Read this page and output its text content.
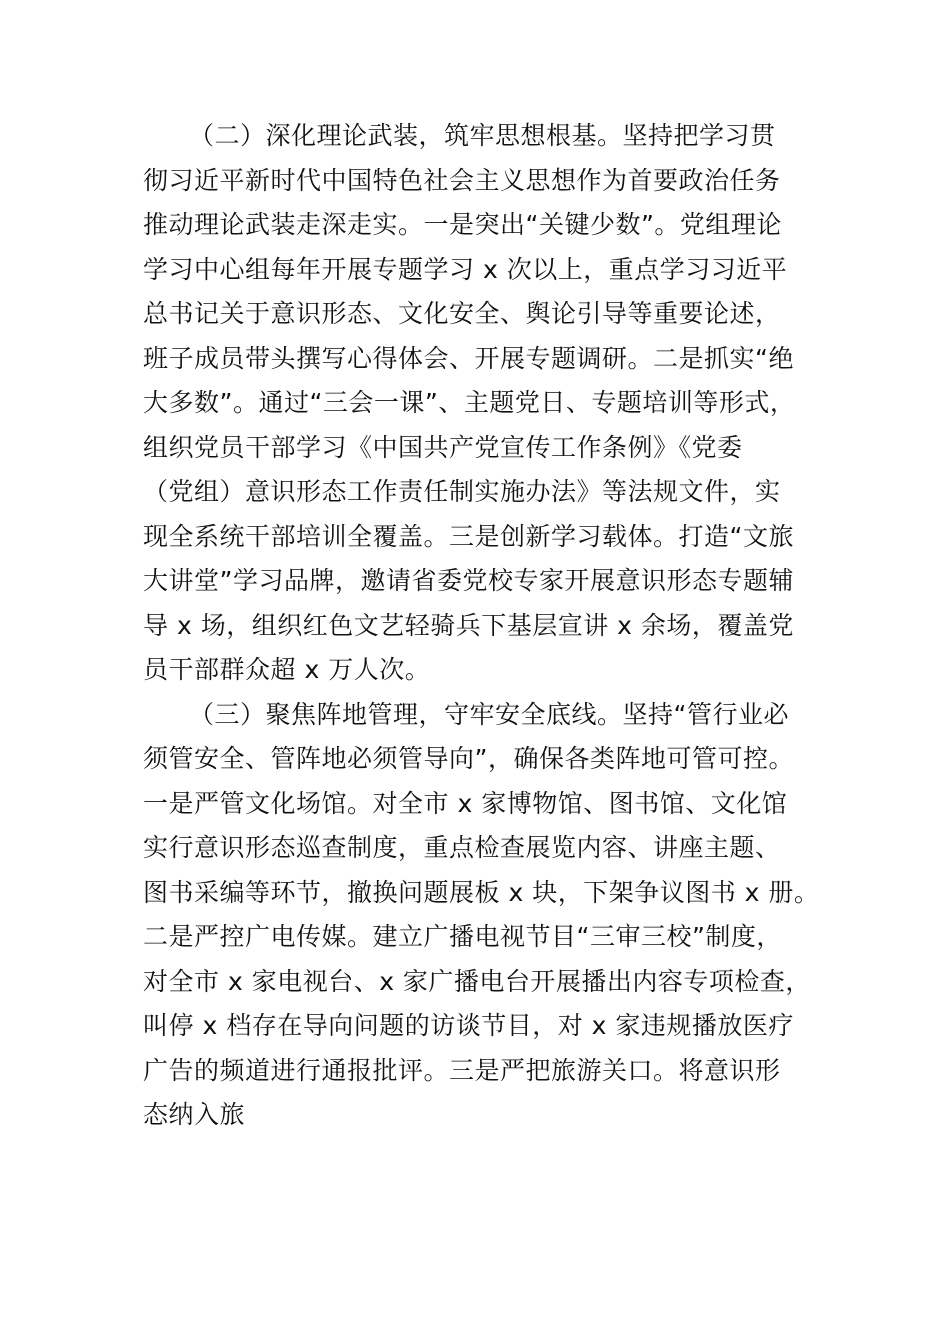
（二）深化理论武装，筑牢思想根基。坚持把学习贯
彻习近平新时代中国特色社会主义思想作为首要政治任务
推动理论武装走深走实。一是突出“关键少数”。党组理论
学习中心组每年开展专题学习 x 次以上，重点学习习近平
总书记关于意识形态、文化安全、舆论引导等重要论述，
班子成员带头撰写心得体会、开展专题调研。二是抓实“绝
大多数”。通过“三会一课”、主题党日、专题培训等形式，
组织党员干部学习《中国共产党宣传工作条例》《党委
（党组）意识形态工作责任制实施办法》等法规文件，实
现全系统干部培训全覆盖。三是创新学习载体。打造“文旅
大讲堂”学习品牌，邀请省委党校专家开展意识形态专题辅
导 x 场，组织红色文艺轻骑兵下基层宣讲 x 余场，覆盖党
员干部群众超 x 万人次。
（三）聚焦阵地管理，守牢安全底线。坚持“管行业必
须管安全、管阵地必须管导向”，确保各类阵地可管可控。
一是严管文化场馆。对全市 x 家博物馆、图书馆、文化馆
实行意识形态巡查制度，重点检查展览内容、讲座主题、
图书采编等环节，撤换问题展板 x 块，下架争议图书 x 册。
二是严控广电传媒。建立广播电视节目“三审三校”制度，
对全市 x 家电视台、x 家广播电台开展播出内容专项检查，
叫停 x 档存在导向问题的访谈节目，对 x 家违规播放医疗
广告的频道进行通报批评。三是严把旅游关口。将意识形
态纳入旅
